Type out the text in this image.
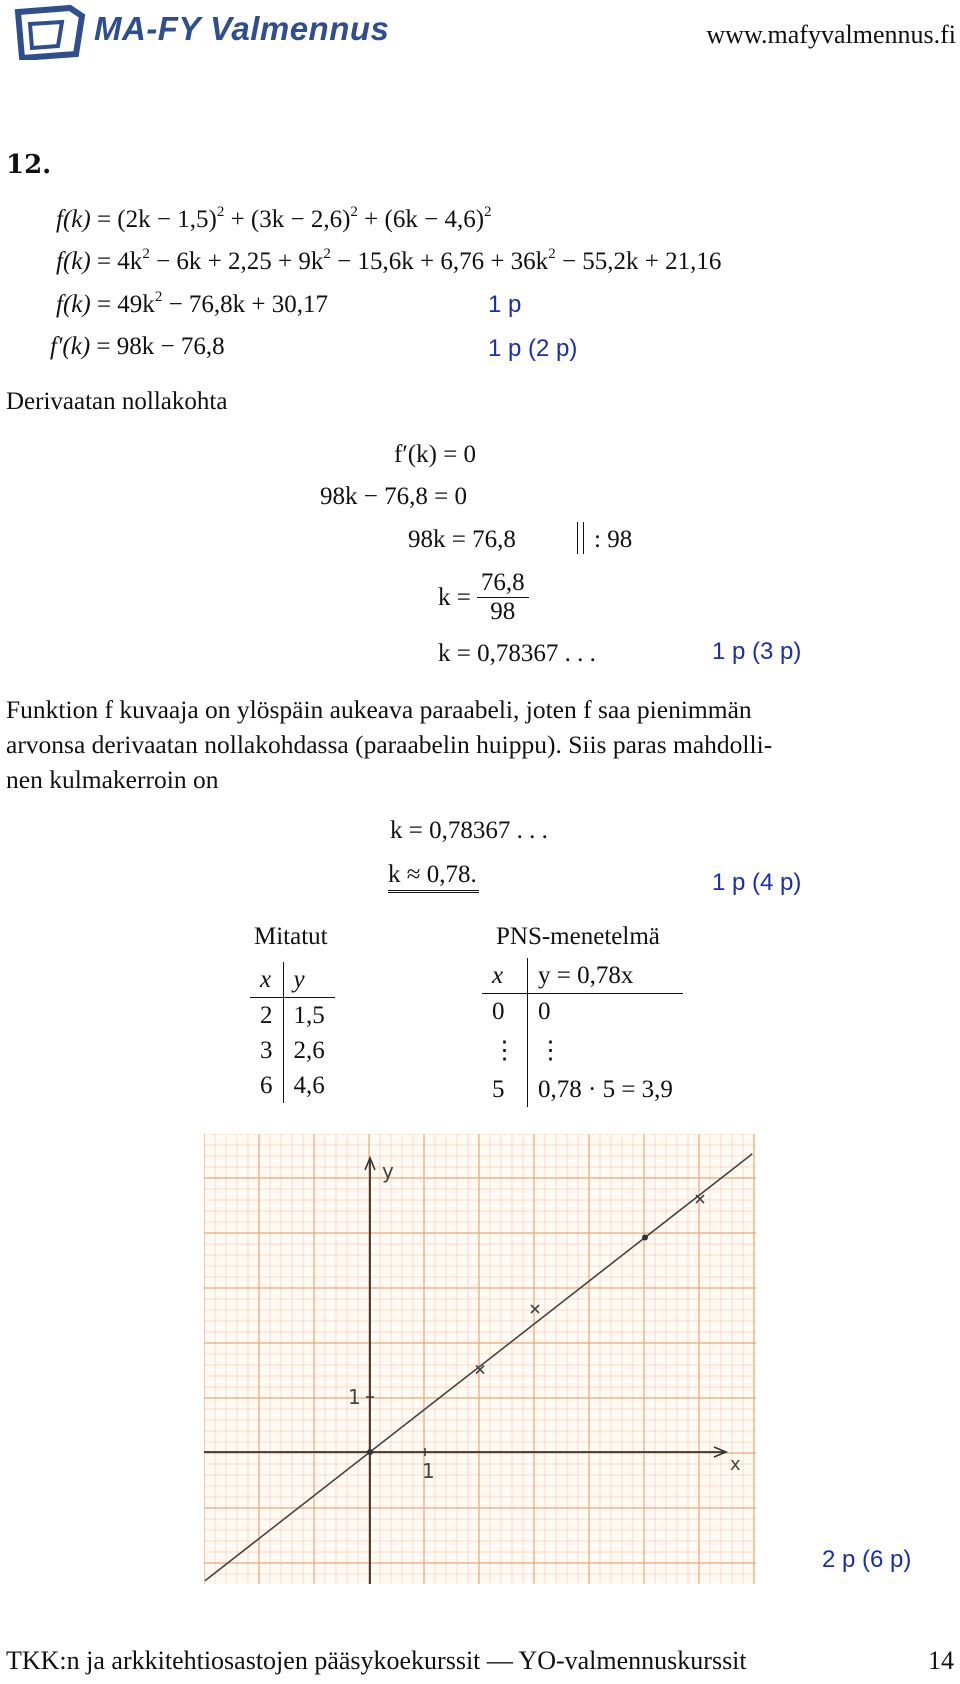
MA-FY Valmennus	www.mafyvalmennus.fi
12.
$f(k) = (2k - 1,5)^2 + (3k - 2,6)^2 + (6k - 4,6)^2$
$f(k) = 4k^2 - 6k + 2,25 + 9k^2 - 15,6k + 6,76 + 36k^2 - 55,2k + 21,16$
$f(k) = 49k^2 - 76,8k + 30,17$	1 p
f′(k) = 98k − 76,8	1 p (2 p)
Derivaatan nollakohta
f′(k) = 0
98k − 76,8 = 0
98k = 76,8	: 98
$k = \frac{76,8}{98}$
k = 0,78367 . . .	1 p (3 p)
Funktion f kuvaaja on ylöspäin aukeava paraabeli, joten f saa pienimmän
arvonsa derivaatan nollakohdassa (paraabelin huippu). Siis paras mahdolli-
nen kulmakerroin on
k = 0,78367 . . .
k ≈ 0,78.	1 p (4 p)
Mitatut
x	y
2	1,5
3	2,6
6	4,6
PNS-menetelmä
x	y = 0,78x
0	0
⋮	⋮
5	0,78 · 5 = 3,9
x
y
1
1
2 p (6 p)
TKK:n ja arkkitehtiosastojen pääsykoekurssit — YO-valmennuskurssit	14
